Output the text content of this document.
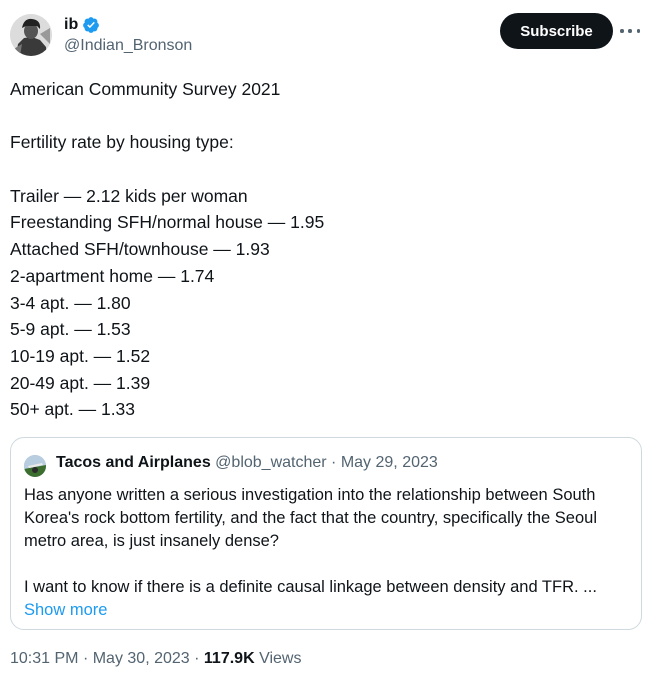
ib
@Indian_Bronson
Subscribe

American Community Survey 2021

Fertility rate by housing type:

Trailer — 2.12 kids per woman

Freestanding SFH/normal house — 1.95

Attached SFH/townhouse — 1.93

2-apartment home — 1.74

3-4 apt. — 1.80

5-9 apt. — 1.53

10-19 apt. — 1.52

20-49 apt. — 1.39

50+ apt. — 1.33

Tacos and Airplanes @blob_watcher · May 29, 2023

Has anyone written a serious investigation into the relationship between South Korea's rock bottom fertility, and the fact that the country, specifically the Seoul metro area, is just insanely dense?

I want to know if there is a definite causal linkage between density and TFR. ...

Show more

10:31 PM · May 30, 2023 · 117.9K Views
